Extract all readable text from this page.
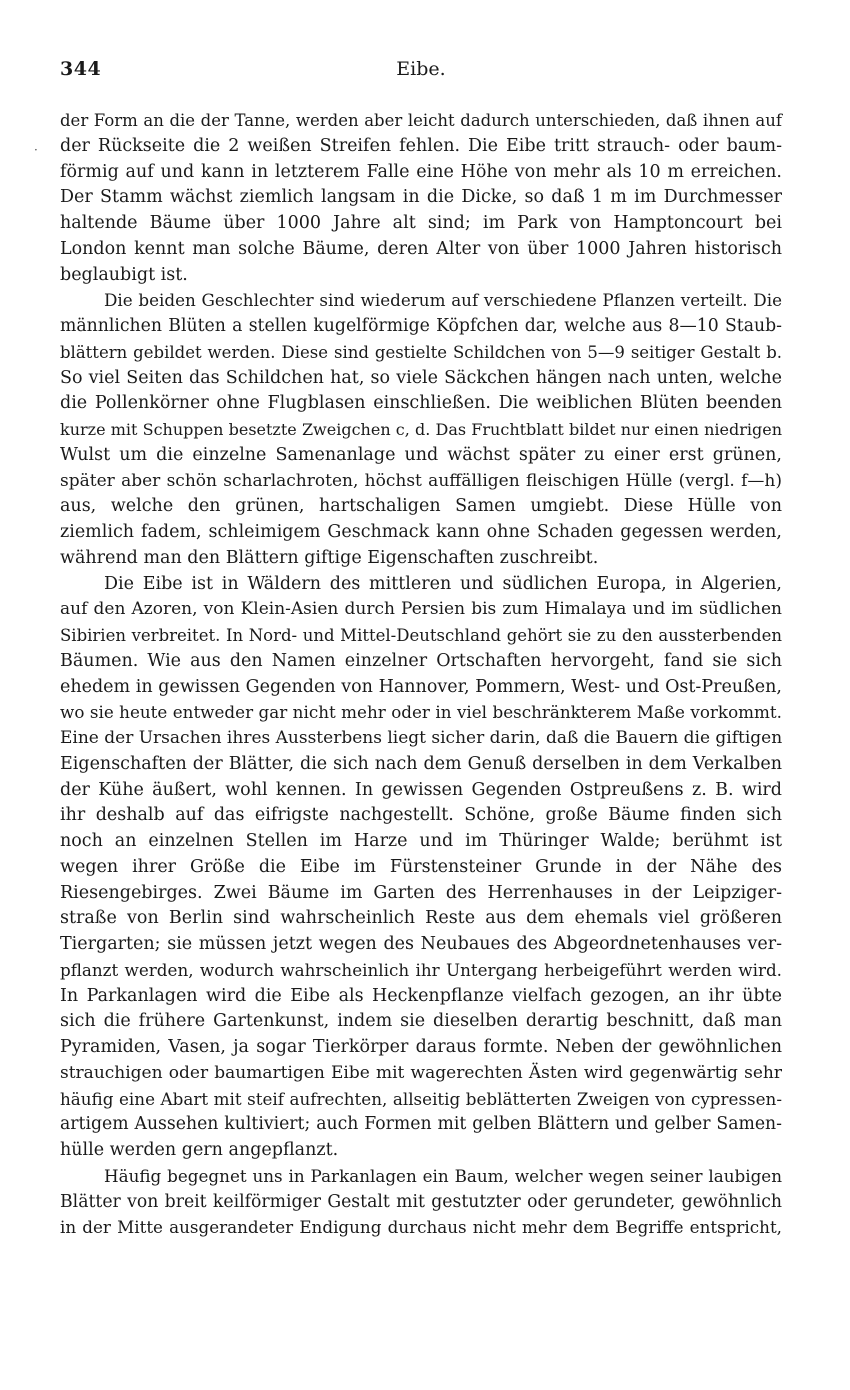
344	Eibe.
·
der Form an die der Tanne, werden aber leicht dadurch unterschieden, daß ihnen auf
der Rückseite die 2 weißen Streifen fehlen. Die Eibe tritt strauch- oder baum-
förmig auf und kann in letzterem Falle eine Höhe von mehr als 10 m erreichen.
Der Stamm wächst ziemlich langsam in die Dicke, so daß 1 m im Durchmesser
haltende Bäume über 1000 Jahre alt sind; im Park von Hamptoncourt bei
London kennt man solche Bäume, deren Alter von über 1000 Jahren historisch
beglaubigt ist.
Die beiden Geschlechter sind wiederum auf verschiedene Pflanzen verteilt. Die
männlichen Blüten a stellen kugelförmige Köpfchen dar, welche aus 8—10 Staub-
blättern gebildet werden. Diese sind gestielte Schildchen von 5—9 seitiger Gestalt b.
So viel Seiten das Schildchen hat, so viele Säckchen hängen nach unten, welche
die Pollenkörner ohne Flugblasen einschließen. Die weiblichen Blüten beenden
kurze mit Schuppen besetzte Zweigchen c, d. Das Fruchtblatt bildet nur einen niedrigen
Wulst um die einzelne Samenanlage und wächst später zu einer erst grünen,
später aber schön scharlachroten, höchst auffälligen fleischigen Hülle (vergl. f—h)
aus, welche den grünen, hartschaligen Samen umgiebt. Diese Hülle von
ziemlich fadem, schleimigem Geschmack kann ohne Schaden gegessen werden,
während man den Blättern giftige Eigenschaften zuschreibt.
Die Eibe ist in Wäldern des mittleren und südlichen Europa, in Algerien,
auf den Azoren, von Klein-Asien durch Persien bis zum Himalaya und im südlichen
Sibirien verbreitet. In Nord- und Mittel-Deutschland gehört sie zu den aussterbenden
Bäumen. Wie aus den Namen einzelner Ortschaften hervorgeht, fand sie sich
ehedem in gewissen Gegenden von Hannover, Pommern, West- und Ost-Preußen,
wo sie heute entweder gar nicht mehr oder in viel beschränkterem Maße vorkommt.
Eine der Ursachen ihres Aussterbens liegt sicher darin, daß die Bauern die giftigen
Eigenschaften der Blätter, die sich nach dem Genuß derselben in dem Verkalben
der Kühe äußert, wohl kennen. In gewissen Gegenden Ostpreußens z. B. wird
ihr deshalb auf das eifrigste nachgestellt. Schöne, große Bäume finden sich
noch an einzelnen Stellen im Harze und im Thüringer Walde; berühmt ist
wegen ihrer Größe die Eibe im Fürstensteiner Grunde in der Nähe des
Riesengebirges. Zwei Bäume im Garten des Herrenhauses in der Leipziger-
straße von Berlin sind wahrscheinlich Reste aus dem ehemals viel größeren
Tiergarten; sie müssen jetzt wegen des Neubaues des Abgeordnetenhauses ver-
pflanzt werden, wodurch wahrscheinlich ihr Untergang herbeigeführt werden wird.
In Parkanlagen wird die Eibe als Heckenpflanze vielfach gezogen, an ihr übte
sich die frühere Gartenkunst, indem sie dieselben derartig beschnitt, daß man
Pyramiden, Vasen, ja sogar Tierkörper daraus formte. Neben der gewöhnlichen
strauchigen oder baumartigen Eibe mit wagerechten Ästen wird gegenwärtig sehr
häufig eine Abart mit steif aufrechten, allseitig beblätterten Zweigen von cypressen-
artigem Aussehen kultiviert; auch Formen mit gelben Blättern und gelber Samen-
hülle werden gern angepflanzt.
Häufig begegnet uns in Parkanlagen ein Baum, welcher wegen seiner laubigen
Blätter von breit keilförmiger Gestalt mit gestutzter oder gerundeter, gewöhnlich
in der Mitte ausgerandeter Endigung durchaus nicht mehr dem Begriffe entspricht,
